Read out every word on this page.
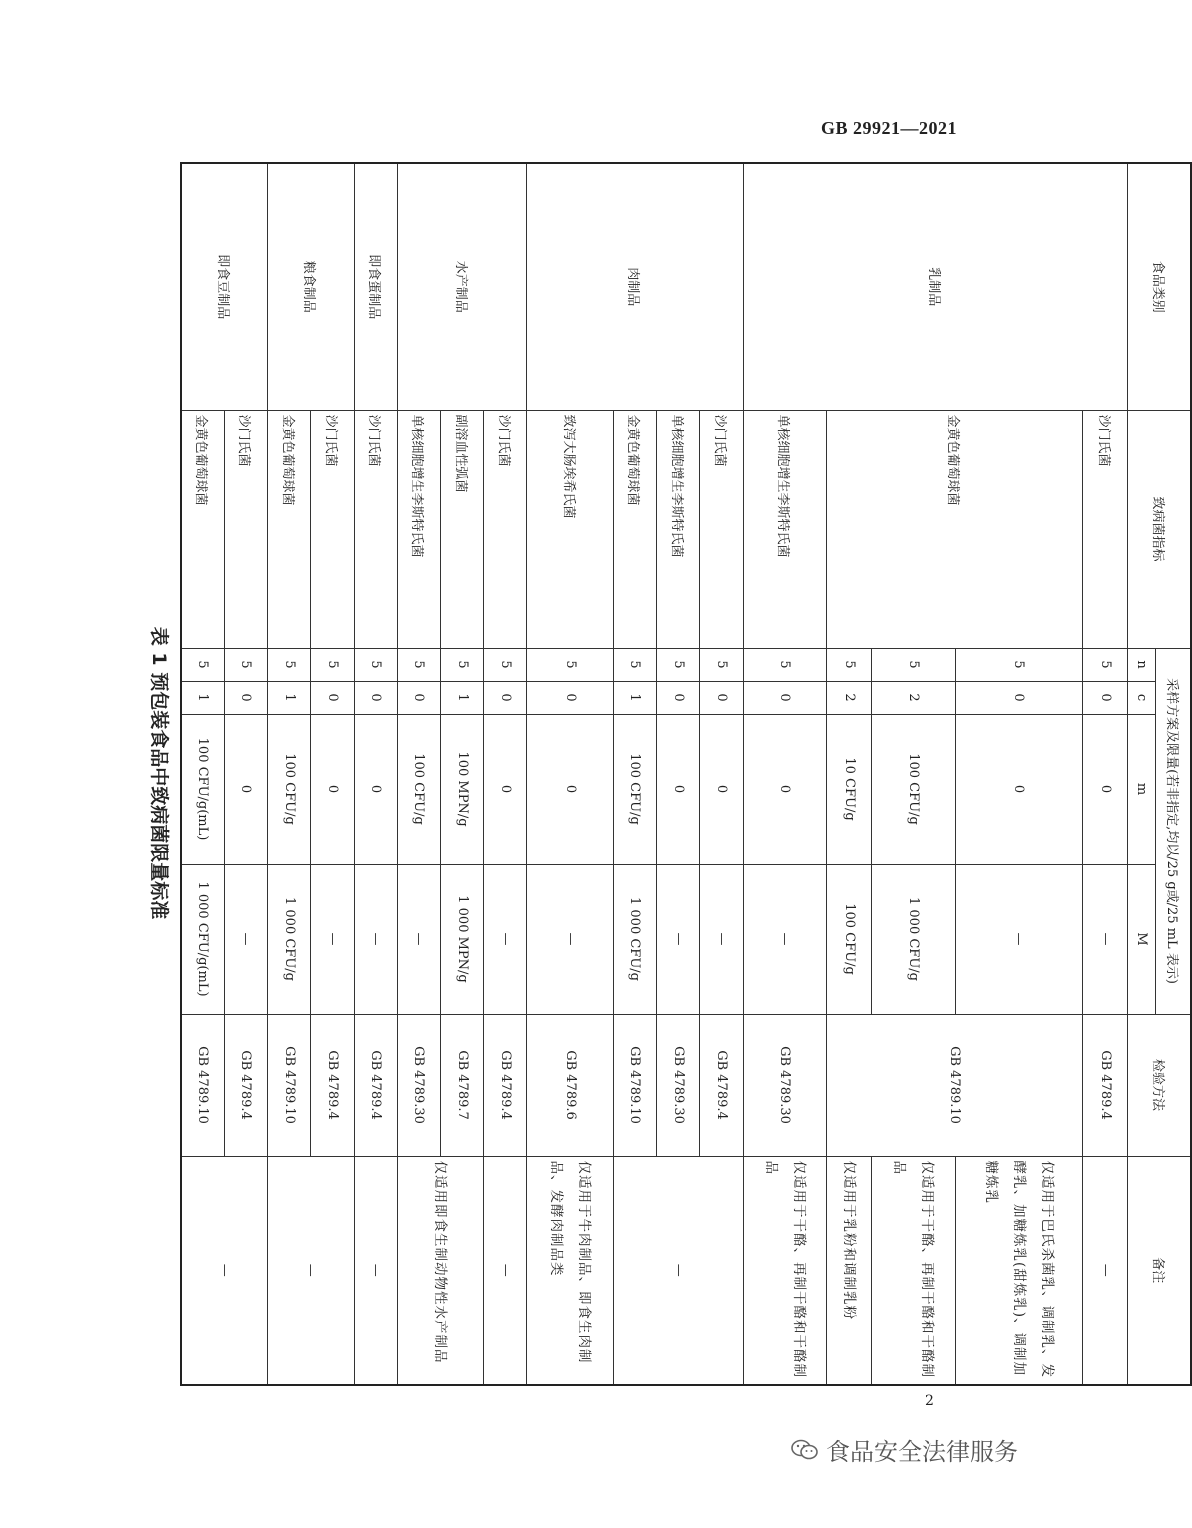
GB 29921—2021
食品类别	致病菌指标	采样方案及限量(若非指定,均以/25 g或/25 mL 表示)				检验方法	备注
		n	c	m	M		
乳制品	沙门氏菌	5	0	0	—	GB 4789.4	—
	金黄色葡萄球菌	5	0	0	—	GB 4789.10	仅适用于巴氏杀菌乳、调制乳、发酵乳、加糖炼乳(甜炼乳)、调制加糖炼乳
		5	2	100 CFU/g	1 000 CFU/g		仅适用于干酪、再制干酪和干酪制品
		5	2	10 CFU/g	100 CFU/g		仅适用于乳粉和调制乳粉
	单核细胞增生李斯特氏菌	5	0	0	—	GB 4789.30	仅适用于干酪、再制干酪和干酪制品
肉制品	沙门氏菌	5	0	0	—	GB 4789.4	—
	单核细胞增生李斯特氏菌	5	0	0	—	GB 4789.30	
	金黄色葡萄球菌	5	1	100 CFU/g	1 000 CFU/g	GB 4789.10	
	致泻大肠埃希氏菌	5	0	0	—	GB 4789.6	仅适用于牛肉制品、即食生肉制品、发酵肉制品类
水产制品	沙门氏菌	5	0	0	—	GB 4789.4	—
	副溶血性弧菌	5	1	100 MPN/g	1 000 MPN/g	GB 4789.7	仅适用即食生制动物性水产制品
	单核细胞增生李斯特氏菌	5	0	100 CFU/g	—	GB 4789.30	
即食蛋制品	沙门氏菌	5	0	0	—	GB 4789.4	—
粮食制品	沙门氏菌	5	0	0	—	GB 4789.4	—
	金黄色葡萄球菌	5	1	100 CFU/g	1 000 CFU/g	GB 4789.10	
即食豆制品	沙门氏菌	5	0	0	—	GB 4789.4	—
	金黄色葡萄球菌	5	1	100 CFU/g(mL)	1 000 CFU/g(mL)	GB 4789.10	
表 1 预包装食品中致病菌限量标准
2
食品安全法律服务
